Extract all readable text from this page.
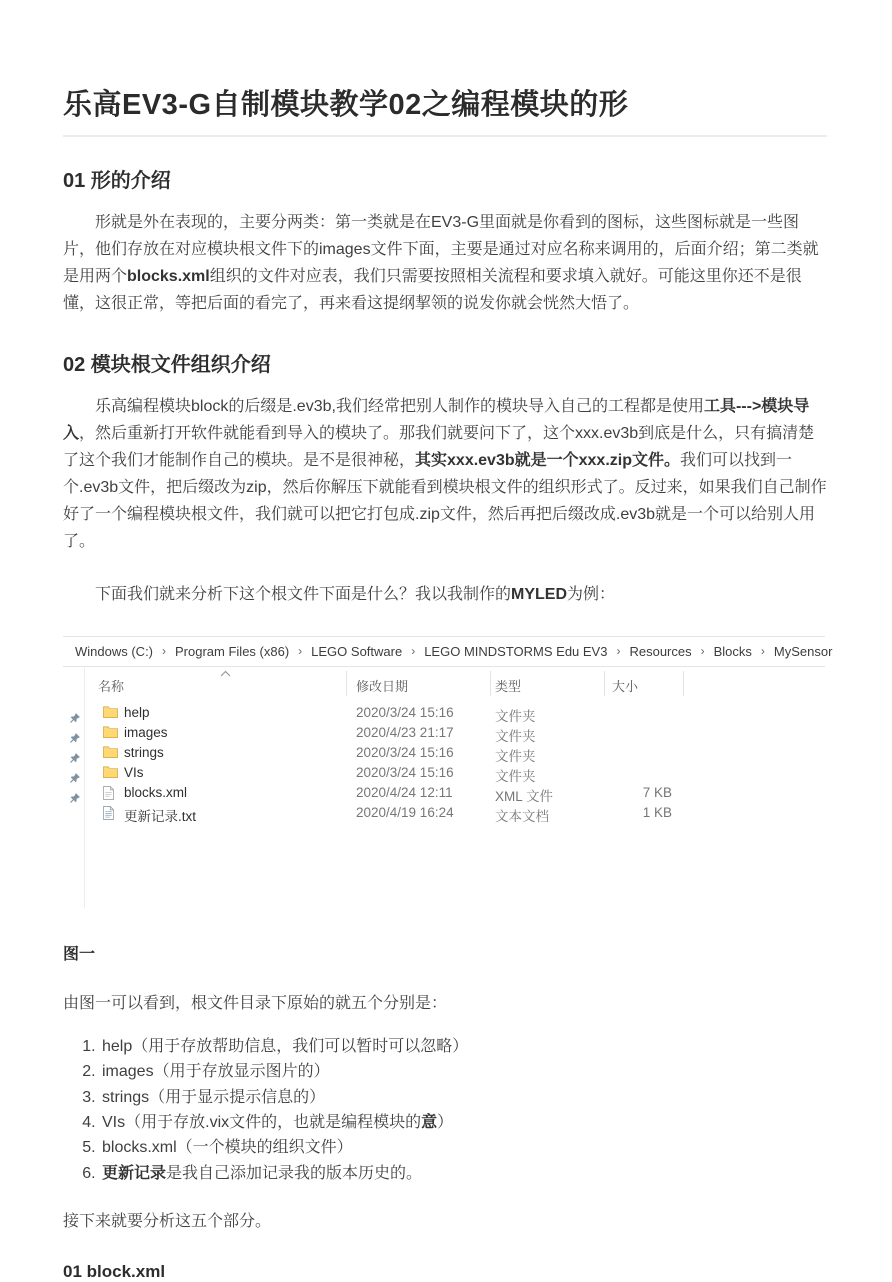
乐高EV3-G自制模块教学02之编程模块的形
01 形的介绍

形就是外在表现的，主要分两类：第一类就是在EV3-G里面就是你看到的图标，这些图标就是一些图片，他们存放在对应模块根文件下的images文件下面，主要是通过对应名称来调用的，后面介绍；第二类就是用两个blocks.xml组织的文件对应表，我们只需要按照相关流程和要求填入就好。可能这里你还不是很懂，这很正常，等把后面的看完了，再来看这提纲挈领的说发你就会恍然大悟了。

02 模块根文件组织介绍

乐高编程模块block的后缀是.ev3b,我们经常把别人制作的模块导入自己的工程都是使用工具--->模块导入，然后重新打开软件就能看到导入的模块了。那我们就要问下了，这个xxx.ev3b到底是什么，只有搞清楚了这个我们才能制作自己的模块。是不是很神秘，其实xxx.ev3b就是一个xxx.zip文件。我们可以找到一个.ev3b文件，把后缀改为zip，然后你解压下就能看到模块根文件的组织形式了。反过来，如果我们自己制作好了一个编程模块根文件，我们就可以把它打包成.zip文件，然后再把后缀改成.ev3b就是一个可以给别人用了。

下面我们就来分析下这个根文件下面是什么？我以我制作的MYLED为例：

Windows (C:) › Program Files (x86) › LEGO Software › LEGO MINDSTORMS Edu EV3 › Resources › Blocks › MySensor
名称	修改日期	类型	大小
help	2020/3/24 15:16	文件夹
images	2020/4/23 21:17	文件夹
strings	2020/3/24 15:16	文件夹
VIs	2020/3/24 15:16	文件夹
blocks.xml	2020/4/24 12:11	XML 文件	7 KB
更新记录.txt	2020/4/19 16:24	文本文档	1 KB

图一

由图一可以看到，根文件目录下原始的就五个分别是：

1. help（用于存放帮助信息，我们可以暂时可以忽略）
2. images（用于存放显示图片的）
3. strings（用于显示提示信息的）
4. VIs（用于存放.vix文件的，也就是编程模块的意）
5. blocks.xml（一个模块的组织文件）
6. 更新记录是我自己添加记录我的版本历史的。

接下来就要分析这五个部分。

01 block.xml
